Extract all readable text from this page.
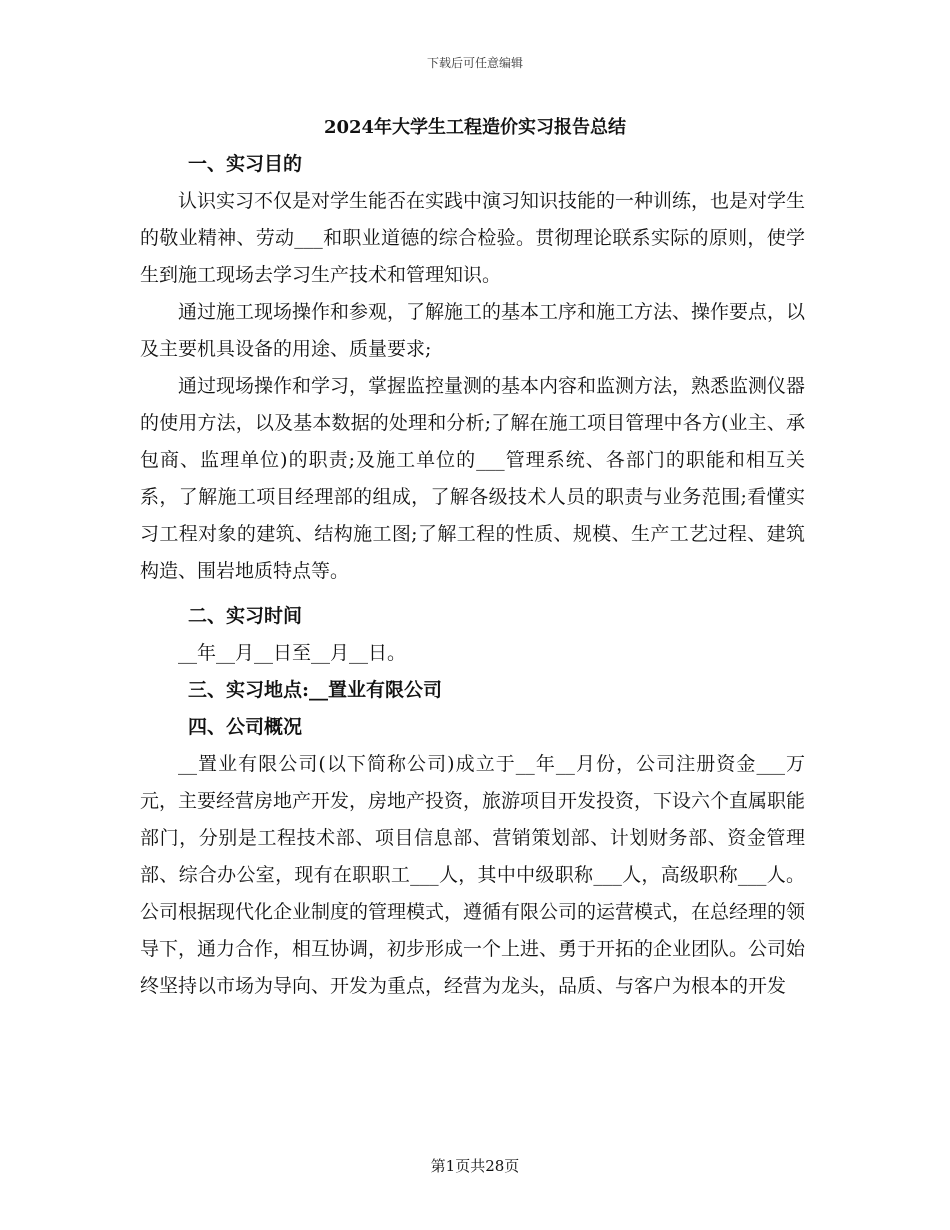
下载后可任意编辑
2024年大学生工程造价实习报告总结
一、实习目的

认识实习不仅是对学生能否在实践中演习知识技能的一种训练，也是对学生的敬业精神、劳动___和职业道德的综合检验。贯彻理论联系实际的原则，使学生到施工现场去学习生产技术和管理知识。

通过施工现场操作和参观，了解施工的基本工序和施工方法、操作要点，以及主要机具设备的用途、质量要求;

通过现场操作和学习，掌握监控量测的基本内容和监测方法，熟悉监测仪器的使用方法，以及基本数据的处理和分析;了解在施工项目管理中各方(业主、承包商、监理单位)的职责;及施工单位的___管理系统、各部门的职能和相互关系，了解施工项目经理部的组成，了解各级技术人员的职责与业务范围;看懂实习工程对象的建筑、结构施工图;了解工程的性质、规模、生产工艺过程、建筑构造、围岩地质特点等。

二、实习时间

__年__月__日至__月__日。

三、实习地点:__置业有限公司
四、公司概况

__置业有限公司(以下简称公司)成立于__年__月份，公司注册资金___万元，主要经营房地产开发，房地产投资，旅游项目开发投资，下设六个直属职能部门，分别是工程技术部、项目信息部、营销策划部、计划财务部、资金管理部、综合办公室，现有在职职工___人，其中中级职称___人，高级职称___人。公司根据现代化企业制度的管理模式，遵循有限公司的运营模式，在总经理的领导下，通力合作，相互协调，初步形成一个上进、勇于开拓的企业团队。公司始终坚持以市场为导向、开发为重点，经营为龙头，品质、与客户为根本的开发

第1页共28页
